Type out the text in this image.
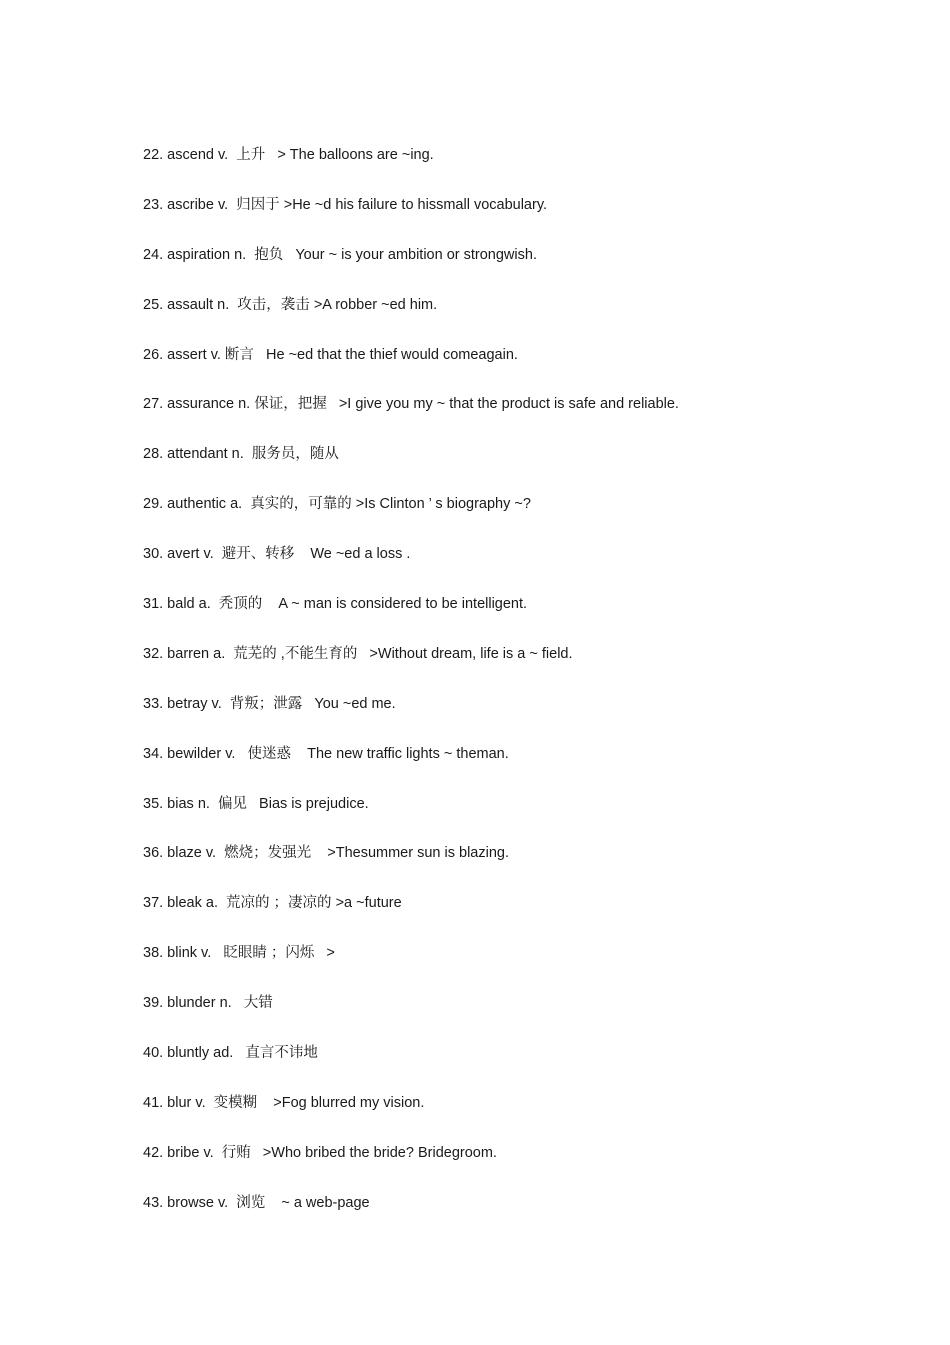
22. ascend v.  上升   > The balloons are ~ing.
23. ascribe v.  归因于 >He ~d his failure to hissmall vocabulary.
24. aspiration n.  抱负   Your ~ is your ambition or strongwish.
25. assault n.  攻击，袭击 >A robber ~ed him.
26. assert v. 断言   He ~ed that the thief would comeagain.
27. assurance n. 保证，把握   >I give you my ~ that the product is safe and reliable.
28. attendant n.  服务员，随从
29. authentic a.  真实的，可靠的 >Is Clinton ’ s biography ~?
30. avert v.  避开、转移    We ~ed a loss .
31. bald a.  秃顶的    A ~ man is considered to be intelligent.
32. barren a.  荒芜的 ,不能生育的   >Without dream, life is a ~ field.
33. betray v.  背叛；泄露   You ~ed me.
34. bewilder v.   使迷惑    The new traffic lights ~ theman.
35. bias n.  偏见   Bias is prejudice.
36. blaze v.  燃烧；发强光    >Thesummer sun is blazing.
37. bleak a.  荒凉的 ；凄凉的 >a ~future
38. blink v.   眨眼睛 ；闪烁   >
39. blunder n.   大错
40. bluntly ad.   直言不讳地
41. blur v.  变模糊    >Fog blurred my vision.
42. bribe v.  行贿   >Who bribed the bride? Bridegroom.
43. browse v.  浏览    ~ a web-page
